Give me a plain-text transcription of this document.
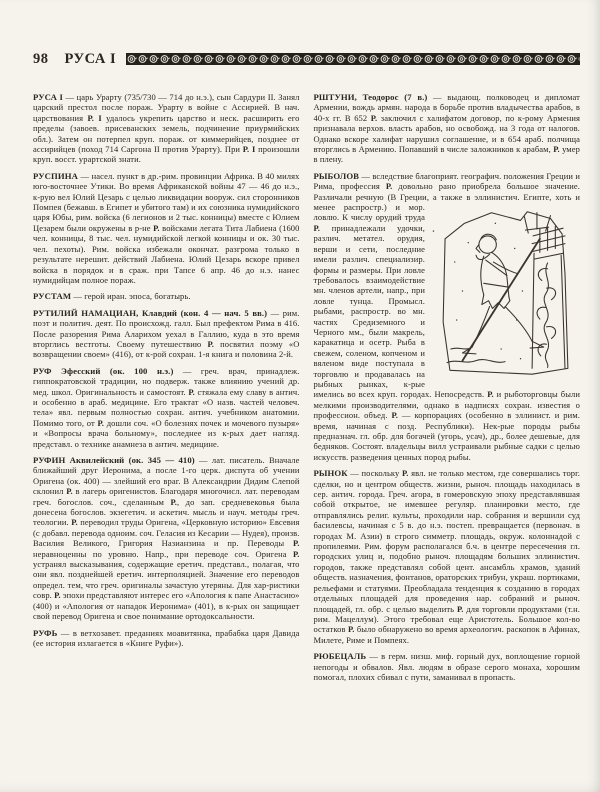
98 РУСА I

РУСА I — царь Урарту (735/730 — 714 до н.э.), сын Сардури II. Занял царский престол после пораж. Урарту в войне с Ассирией. В нач. царствования Р. I удалось укрепить царство и неск. расширить его пределы (завоев. присеванских земель, подчинение приурмийских обл.). Затем он потерпел круп. пораж. от киммерийцев, позднее от ассирийцев (поход 714 Саргона II против Урарту). При Р. I произошли круп. восст. урартской знати.

РУСПИНА — насел. пункт в др.-рим. провинции Африка. В 40 милях юго-восточнее Утики. Во время Африканской войны 47 — 46 до н.э., к-рую вел Юлий Цезарь с целью ликвидации вооруж. сил сторонников Помпея (бежавш. в Египет и убитого там) и их союзника нумидийского царя Юбы, рим. войска (6 легионов и 2 тыс. конницы) вместе с Юлием Цезарем были окружены в р-не Р. войсками легата Тита Лабиена (1600 чел. конницы, 8 тыс. чел. нумидийской легкой конницы и ок. 30 тыс. чел. пехоты). Рим. войска избежали окончат. разгрома только в результате нерешит. действий Лабиена. Юлий Цезарь вскоре привел войска в порядок и в сраж. при Тапсе 6 апр. 46 до н.э. нанес нумидийцам полное пораж.

РУСТАМ — герой иран. эпоса, богатырь.

РУТИЛИЙ НАМАЦИАН, Клавдий (кон. 4 — нач. 5 вв.) — рим. поэт и политич. деят. По происхожд. галл. Был префектом Рима в 416. После разорения Рима Аларихом уехал в Галлию, куда в это время вторглись вестготы. Своему путешествию Р. посвятил поэму «О возвращении своем» (416), от к-рой сохран. 1-я книга и половина 2-й.

РУФ Эфесский (ок. 100 н.э.) — греч. врач, принадлеж. гиппократовской традиции, но подверж. также влиянию учений др. мед. школ. Оригинальность и самостоят. Р. стяжала ему славу в антич. и особенно в араб. медицине. Его трактат «О назв. частей человеч. тела» явл. первым полностью сохран. антич. учебником анатомии. Помимо того, от Р. дошли соч. «О болезнях почек и мочевого пузыря» и «Вопросы врача больному», последнее из к-рых дает нагляд. представл. о технике анамнеза в антич. медицине.

РУФИН Аквилейский (ок. 345 — 410) — лат. писатель. Вначале ближайший друг Иеронима, а после 1-го церк. диспута об учении Оригена (ок. 400) — злейший его враг. В Александрии Дидим Слепой склонил Р. в лагерь оригенистов. Благодаря многочисл. лат. переводам греч. богослов. соч., сделанным Р., до зап. средневековья была донесена богослов. экзегетич. и аскетич. мысль и науч. методы греч. теологии. Р. переводил труды Оригена, «Церковную историю» Евсевия (с добавл. перевода одноим. соч. Геласия из Кесарии — Нудея), произв. Василия Великого, Григория Назианзина и пр. Переводы Р. неравноценны по уровню. Напр., при переводе соч. Оригена Р. устранял высказывания, содержащие еретич. представл., полагая, что они явл. позднейшей еретич. интерполяцией. Значение его переводов определ. тем, что греч. оригиналы зачастую утеряны. Для хар-ристики совр. Р. эпохи представляют интерес его «Апология к папе Анастасию» (400) и «Апология от нападок Иеронима» (401), в к-рых он защищает свой перевод Оригена и свое понимание ортодоксальности.

РУФЬ — в ветхозавет. преданиях моавитянка, прабабка царя Давида (ее история излагается в «Книге Руфи»).

РШТУНИ, Теодорос (7 в.) — выдающ. полководец и дипломат Армении, вождь армян. народа в борьбе против владычества арабов, в 40-х гг. В 652 Р. заключил с халифатом договор, по к-рому Армения признавала верхов. власть арабов, но освобожд. на 3 года от налогов. Однако вскоре халифат нарушил соглашение, и в 654 араб. полчища вторглись в Армению. Попавший в числе заложников к арабам, Р. умер в плену.

РЫБОЛОВ — вследствие благоприят. географич. положения Греции и Рима, профессия Р. довольно рано приобрела большое значение. Различали речную (В Греции, а также
в эллинистич. Египте, хоть и менее распростр.) и мор. ловлю. К числу орудий труда Р. принадлежали удочки, различ. метател. орудия, верши и сети, последние имели различ. специализир. формы и размеры. При ловле требовалось взаимодействие мн. членов артели, напр., при ловле тунца. Промысл. рыбами, распростр. во мн. частях Средиземного и Черного мм., были макрель, каракатица и осетр. Рыба в свежем, соленом, копченом и вяленом виде поступала в торговлю и продавалась на рыбных рынках, к-рые имелись во всех круп. городах. Непосредств. Р. и рыботорговцы были мелкими производителями, однако в надписях сохран. известия о профессион. объед. Р. — корпорациях (особенно в эллинист. и рим. время, начиная с позд. Республики). Нек-рые породы рыбы предназнач. гл. обр. для богачей (угорь, усач), др., более дешевые, для бедняков. Состоят. владельцы вилл устраивали рыбные садки с целью искусств. разведения ценных пород рыбы.

РЫНОК — поскольку Р. явл. не только местом, где совершались торг. сделки, но и центром обществ. жизни, рыноч. площадь находилась в сер. антич. города. Греч. агора, в гомеровскую эпоху представлявшая собой открытое, не имевшее регуляр. планировки место, где отправлялись религ. культы, проходили нар. собрания и вершили суд басилевсы, начиная с 5 в. до н.э. постеп. превращается (первонач. в городах М. Азии) в строго симметр. площадь, окруж. колоннадой с пропилеями. Рим. форум располагался б.ч. в центре пересечения гл. городских улиц и, подобно рыноч. площадям больших эллинистич. городов, также представлял собой цент. ансамбль храмов, зданий обществ. назначения, фонтанов, ораторских трибун, украш. портиками, рельефами и статуями. Преобладала тенденция к созданию в городах отдельных площадей для проведения нар. собраний и рыноч. площадей, гл. обр. с целью выделить Р. для торговли продуктами (т.н. рим. Мацеллум). Этого требовал еще Аристотель. Большое кол-во остатков Р. было обнаружено во время археологич. раскопок в Афинах, Милете, Риме и Помпеях.

РЮБЕЦАЛЬ — в герм. низш. миф. горный дух, воплощение горной непогоды и обвалов. Явл. людям в образе серого монаха, хорошим помогал, плохих сбивал с пути, заманивал в пропасть.
